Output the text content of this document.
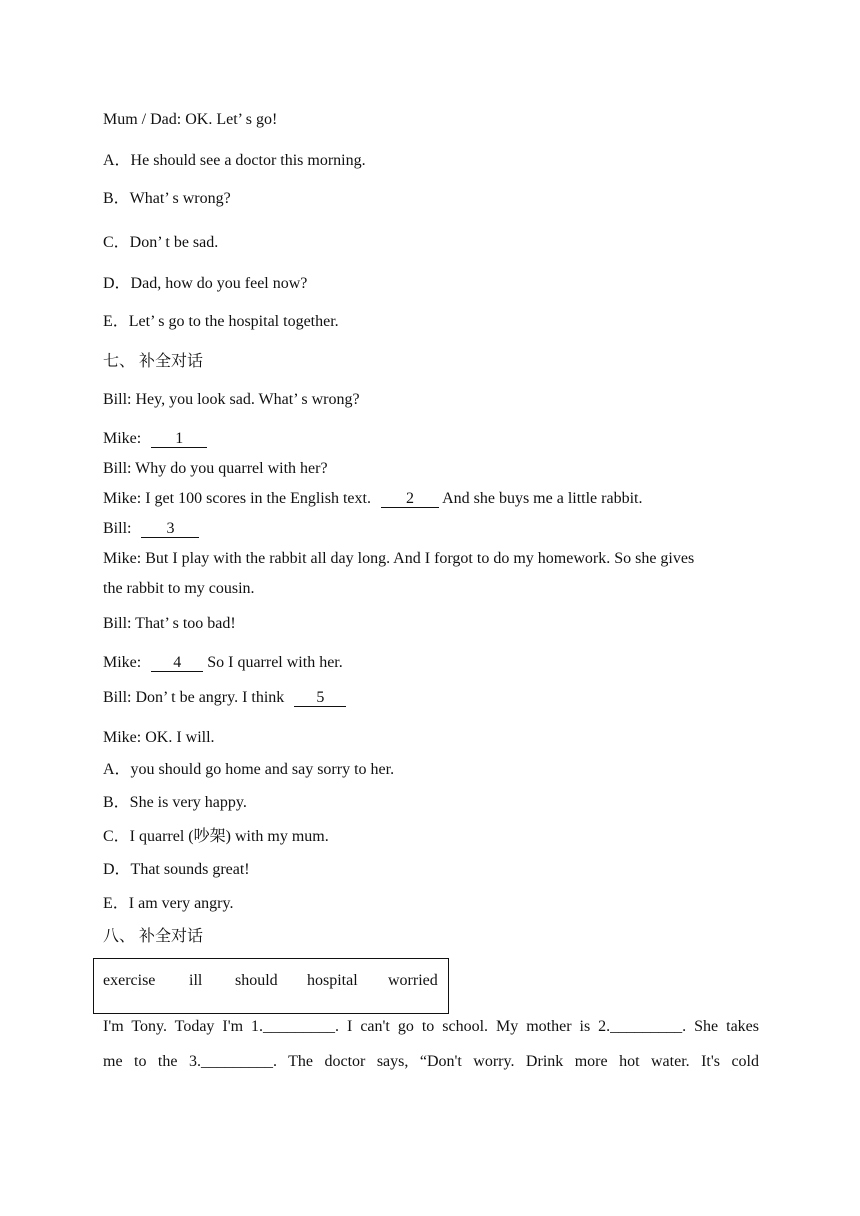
Mum / Dad: OK. Let’ s go!
A．He should see a doctor this morning.
B．What’ s wrong?
C．Don’ t be sad.
D．Dad, how do you feel now?
E．Let’ s go to the hospital together.
七、 补全对话
Bill: Hey, you look sad. What’ s wrong?
Mike: 1
Bill: Why do you quarrel with her?
Mike: I get 100 scores in the English text. 2 And she buys me a little rabbit.
Bill: 3
Mike: But I play with the rabbit all day long. And I forgot to do my homework. So she gives
the rabbit to my cousin.
Bill: That’ s too bad!
Mike: 4 So I quarrel with her.
Bill: Don’ t be angry. I think 5
Mike: OK. I will.
A．you should go home and say sorry to her.
B．She is very happy.
C．I quarrel (吵架) with my mum.
D．That sounds great!
E．I am very angry.
八、 补全对话
exercise ill should hospital worried
I'm Tony. Today I'm 1._________. I can't go to school. My mother is 2._________. She takes
me to the 3._________. The doctor says, “Don't worry. Drink more hot water. It's cold
